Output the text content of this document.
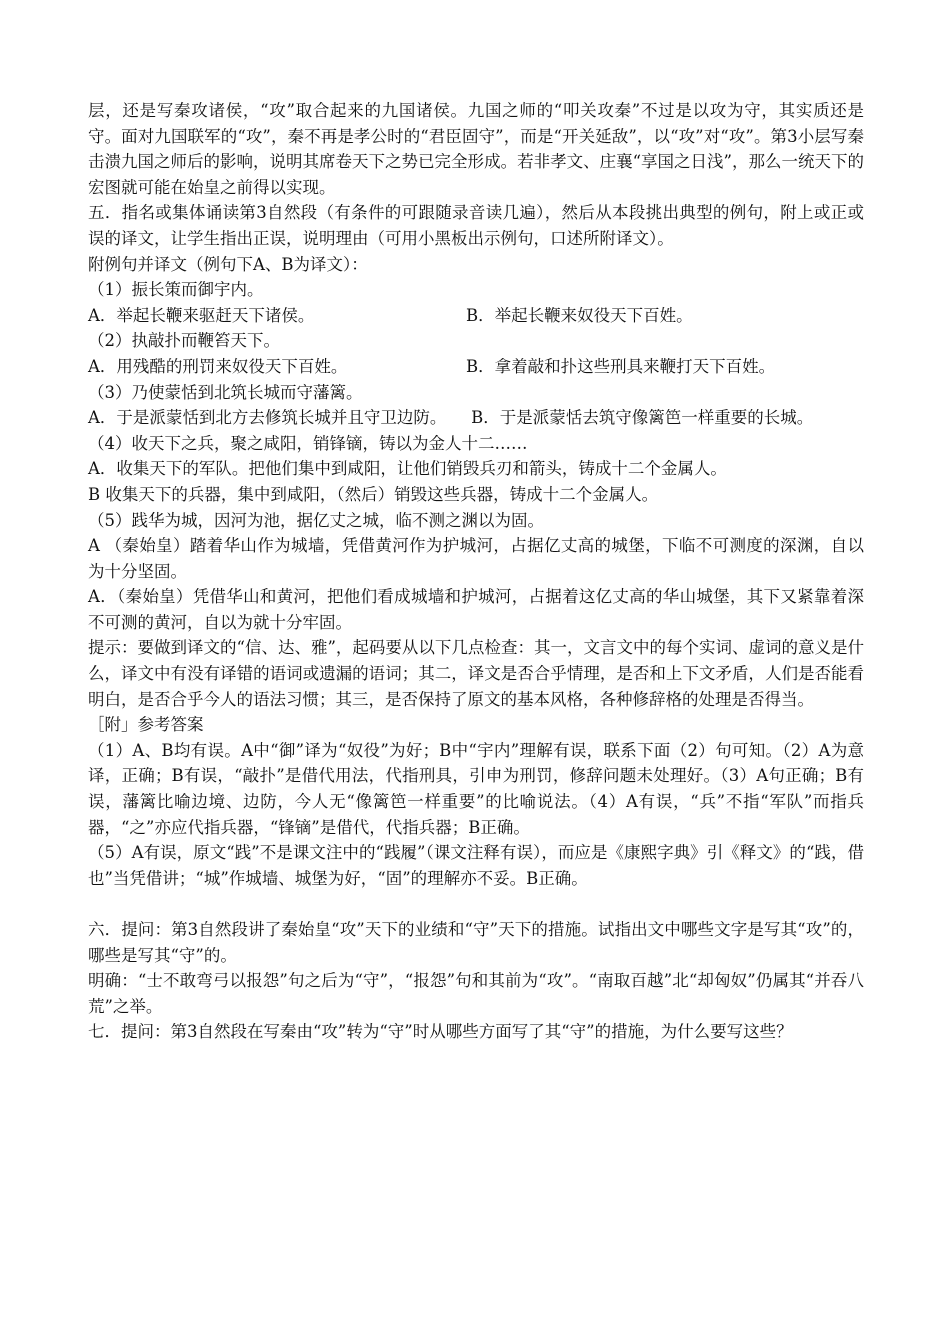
层，还是写秦攻诸侯，“攻”取合起来的九国诸侯。九国之师的“叩关攻秦”不过是以攻为守，其实质还是守。面对九国联军的“攻”，秦不再是孝公时的“君臣固守”，而是“开关延敌”，以“攻”对“攻”。第3小层写秦击溃九国之师后的影响，说明其席卷天下之势已完全形成。若非孝文、庄襄“享国之日浅”，那么一统天下的宏图就可能在始皇之前得以实现。

五．指名或集体诵读第3自然段（有条件的可跟随录音读几遍），然后从本段挑出典型的例句，附上或正或误的译文，让学生指出正误，说明理由（可用小黑板出示例句，口述所附译文）。

附例句并译文（例句下A、B为译文）：

（1）振长策而御宇内。

A．举起长鞭来驱赶天下诸侯。	B．举起长鞭来奴役天下百姓。

（2）执敲扑而鞭笞天下。

A．用残酷的刑罚来奴役天下百姓。	B．拿着敲和扑这些刑具来鞭打天下百姓。

（3）乃使蒙恬到北筑长城而守藩篱。

A．于是派蒙恬到北方去修筑长城并且守卫边防。　　B．于是派蒙恬去筑守像篱笆一样重要的长城。

（4）收天下之兵，聚之咸阳，销锋镝，铸以为金人十二……

A．收集天下的军队。把他们集中到咸阳，让他们销毁兵刃和箭头，铸成十二个金属人。

B 收集天下的兵器，集中到咸阳，（然后）销毁这些兵器，铸成十二个金属人。

（5）践华为城，因河为池，据亿丈之城，临不测之渊以为固。

A （秦始皇）踏着华山作为城墙，凭借黄河作为护城河，占据亿丈高的城堡，下临不可测度的深渊，自以为十分坚固。

A．（秦始皇）凭借华山和黄河，把他们看成城墙和护城河，占据着这亿丈高的华山城堡，其下又紧靠着深不可测的黄河，自以为就十分牢固。

提示：要做到译文的“信、达、雅”，起码要从以下几点检查：其一，文言文中的每个实词、虚词的意义是什么，译文中有没有译错的语词或遗漏的语词；其二，译文是否合乎情理，是否和上下文矛盾，人们是否能看明白，是否合乎今人的语法习惯；其三，是否保持了原文的基本风格，各种修辞格的处理是否得当。

［附」参考答案

（1）A、B均有误。A中“御”译为“奴役”为好；B中“宇内”理解有误，联系下面（2）句可知。（2）A为意译，正确；B有误，“敲扑”是借代用法，代指刑具，引申为刑罚，修辞问题未处理好。（3）A句正确；B有误，藩篱比喻边境、边防，今人无“像篱笆一样重要”的比喻说法。（4）A有误，“兵”不指“军队”而指兵器，“之”亦应代指兵器，“锋镝”是借代，代指兵器；B正确。

（5）A有误，原文“践”不是课文注中的“践履”（课文注释有误），而应是《康熙字典》引《释文》的“践，借也”当凭借讲；“城”作城墙、城堡为好，“固”的理解亦不妥。B正确。

六．提问：第3自然段讲了秦始皇“攻”天下的业绩和“守”天下的措施。试指出文中哪些文字是写其“攻”的，哪些是写其“守”的。

明确：“士不敢弯弓以报怨”句之后为“守”，“报怨”句和其前为“攻”。“南取百越”北“却匈奴”仍属其“并吞八荒”之举。

七．提问：第3自然段在写秦由“攻”转为“守”时从哪些方面写了其“守”的措施，为什么要写这些？
